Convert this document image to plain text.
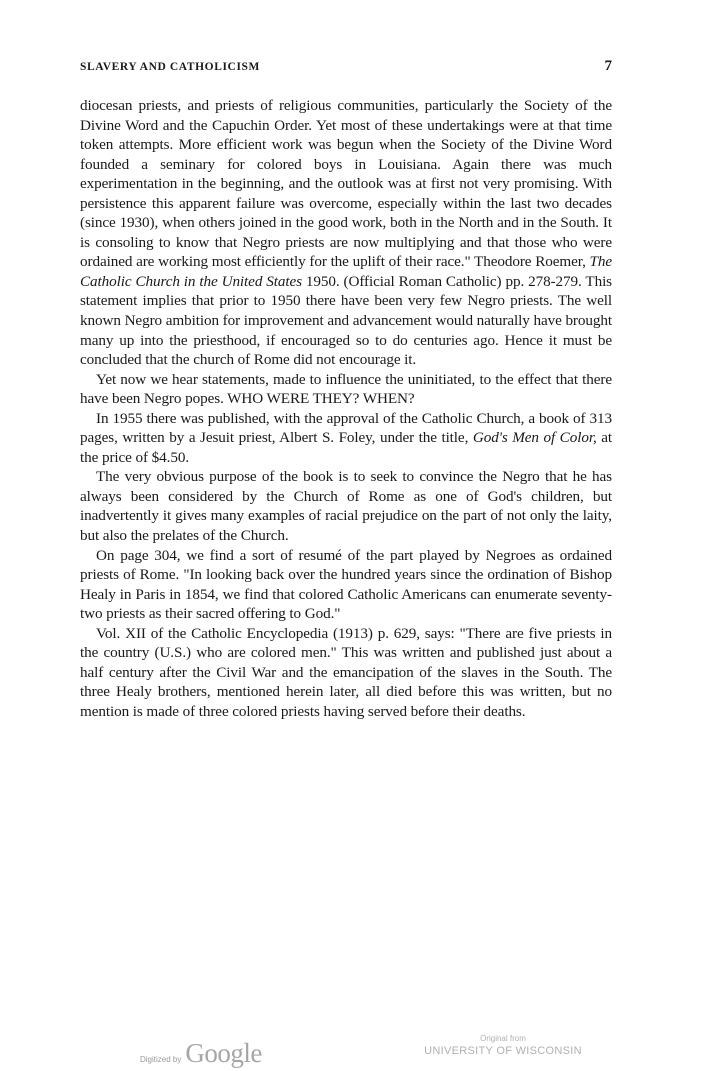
SLAVERY AND CATHOLICISM	7

diocesan priests, and priests of religious communities, particularly the Society of the Divine Word and the Capuchin Order. Yet most of these undertakings were at that time token attempts. More efficient work was begun when the Society of the Divine Word founded a seminary for colored boys in Louisiana. Again there was much experimentation in the beginning, and the outlook was at first not very promising. With persistence this apparent failure was overcome, especially within the last two decades (since 1930), when others joined in the good work, both in the North and in the South. It is consoling to know that Negro priests are now multiplying and that those who were ordained are working most efficiently for the uplift of their race." Theodore Roemer, The Catholic Church in the United States 1950. (Official Roman Catholic) pp. 278-279. This statement implies that prior to 1950 there have been very few Negro priests. The well known Negro ambition for improvement and advancement would naturally have brought many up into the priesthood, if encouraged so to do centuries ago. Hence it must be concluded that the church of Rome did not encourage it.

Yet now we hear statements, made to influence the uninitiated, to the effect that there have been Negro popes. WHO WERE THEY? WHEN?

In 1955 there was published, with the approval of the Catholic Church, a book of 313 pages, written by a Jesuit priest, Albert S. Foley, under the title, God's Men of Color, at the price of $4.50.

The very obvious purpose of the book is to seek to convince the Negro that he has always been considered by the Church of Rome as one of God's children, but inadvertently it gives many examples of racial prejudice on the part of not only the laity, but also the prelates of the Church.

On page 304, we find a sort of resumé of the part played by Negroes as ordained priests of Rome. "In looking back over the hundred years since the ordination of Bishop Healy in Paris in 1854, we find that colored Catholic Americans can enumerate seventy-two priests as their sacred offering to God."

Vol. XII of the Catholic Encyclopedia (1913) p. 629, says: "There are five priests in the country (U.S.) who are colored men." This was written and published just about a half century after the Civil War and the emancipation of the slaves in the South. The three Healy brothers, mentioned herein later, all died before this was written, but no mention is made of three colored priests having served before their deaths.

Digitized by Google	Original from
UNIVERSITY OF WISCONSIN
